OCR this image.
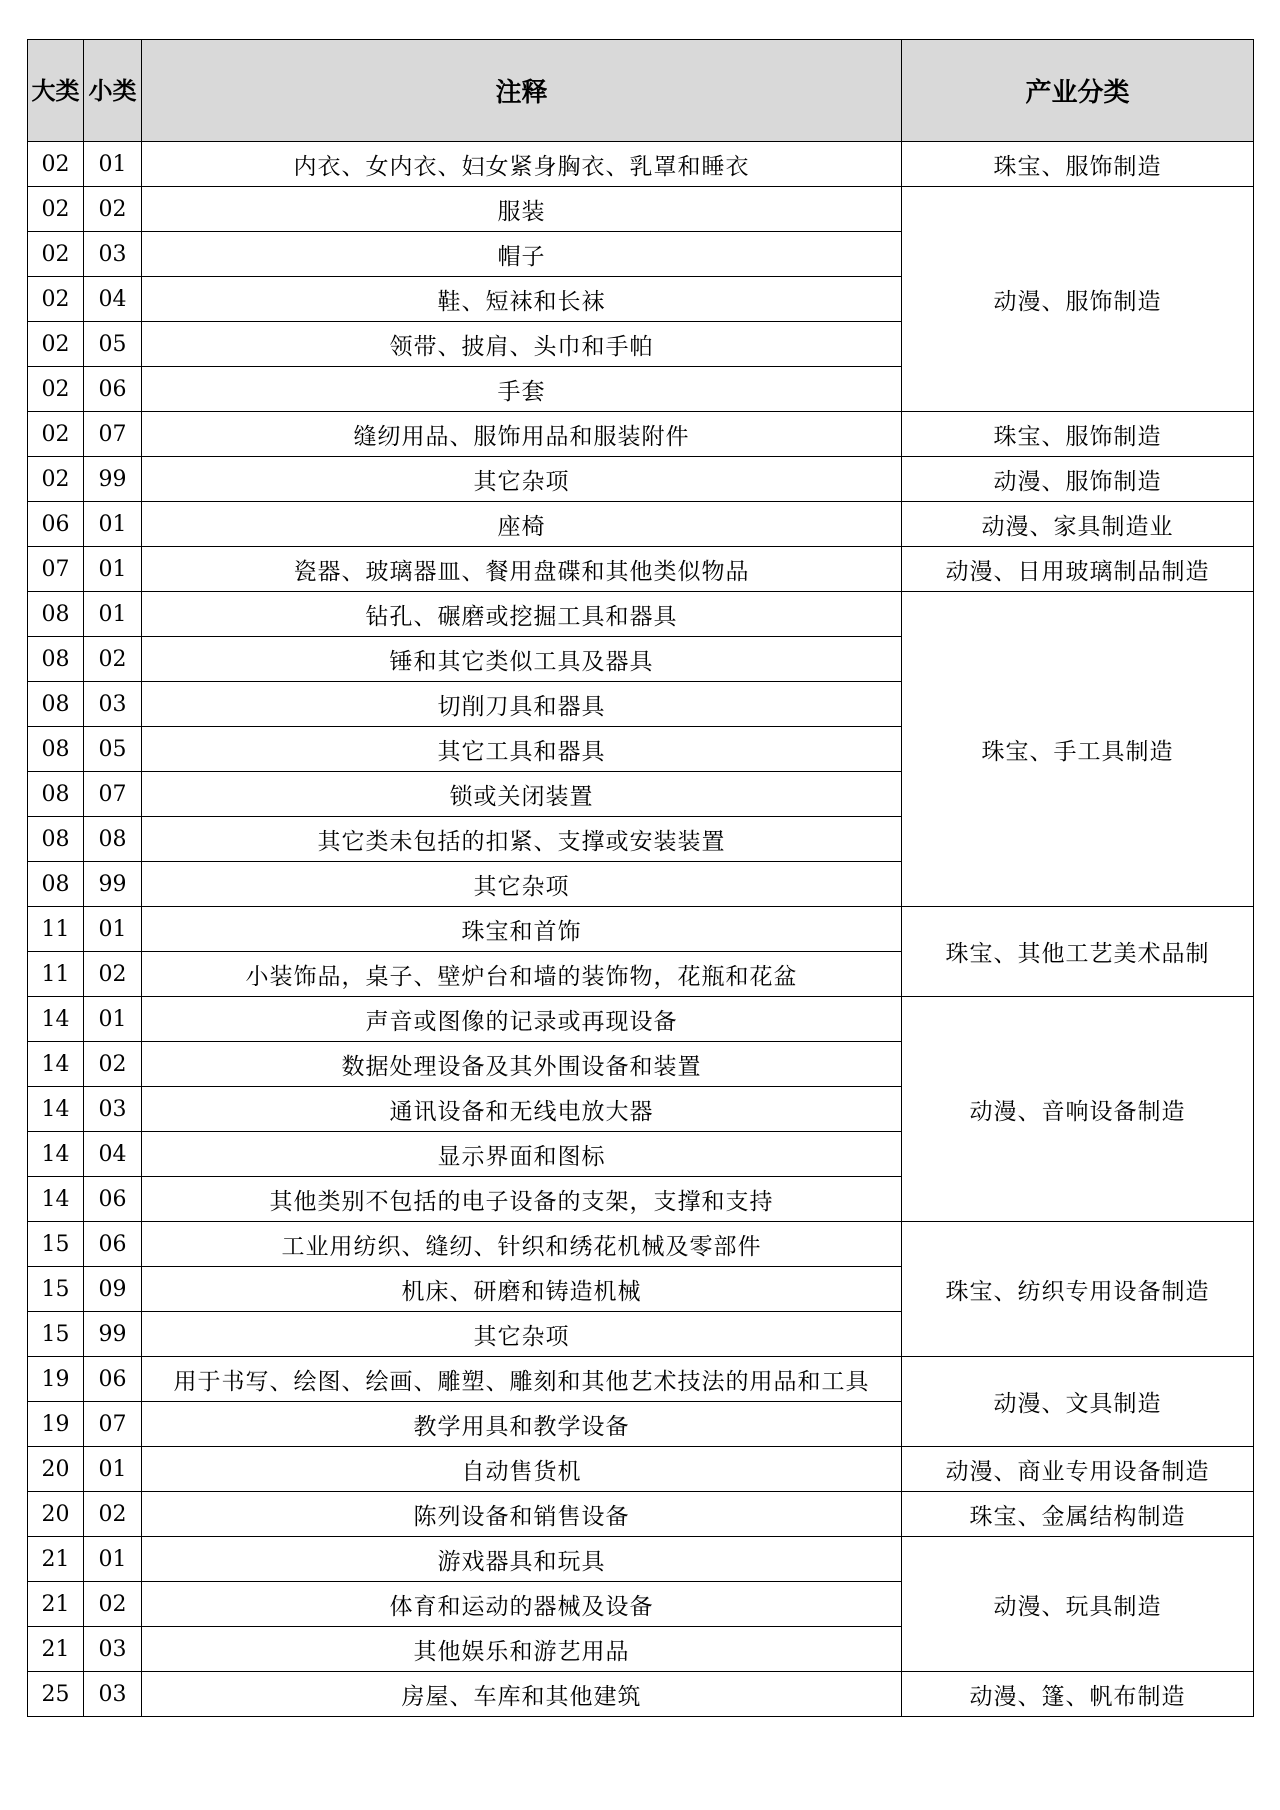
大类	小类	注释	产业分类
02	01	内衣、女内衣、妇女紧身胸衣、乳罩和睡衣	珠宝、服饰制造
02	02	服装	动漫、服饰制造
02	03	帽子	
02	04	鞋、短袜和长袜	
02	05	领带、披肩、头巾和手帕	
02	06	手套	
02	07	缝纫用品、服饰用品和服装附件	珠宝、服饰制造
02	99	其它杂项	动漫、服饰制造
06	01	座椅	动漫、家具制造业
07	01	瓷器、玻璃器皿、餐用盘碟和其他类似物品	动漫、日用玻璃制品制造
08	01	钻孔、碾磨或挖掘工具和器具	珠宝、手工具制造
08	02	锤和其它类似工具及器具	
08	03	切削刀具和器具	
08	05	其它工具和器具	
08	07	锁或关闭装置	
08	08	其它类未包括的扣紧、支撑或安装装置	
08	99	其它杂项	
11	01	珠宝和首饰	珠宝、其他工艺美术品制
11	02	小装饰品，桌子、壁炉台和墙的装饰物，花瓶和花盆	
14	01	声音或图像的记录或再现设备	动漫、音响设备制造
14	02	数据处理设备及其外围设备和装置	
14	03	通讯设备和无线电放大器	
14	04	显示界面和图标	
14	06	其他类别不包括的电子设备的支架，支撑和支持	
15	06	工业用纺织、缝纫、针织和绣花机械及零部件	珠宝、纺织专用设备制造
15	09	机床、研磨和铸造机械	
15	99	其它杂项	
19	06	用于书写、绘图、绘画、雕塑、雕刻和其他艺术技法的用品和工具	动漫、文具制造
19	07	教学用具和教学设备	
20	01	自动售货机	动漫、商业专用设备制造
20	02	陈列设备和销售设备	珠宝、金属结构制造
21	01	游戏器具和玩具	动漫、玩具制造
21	02	体育和运动的器械及设备	
21	03	其他娱乐和游艺用品	
25	03	房屋、车库和其他建筑	动漫、篷、帆布制造
